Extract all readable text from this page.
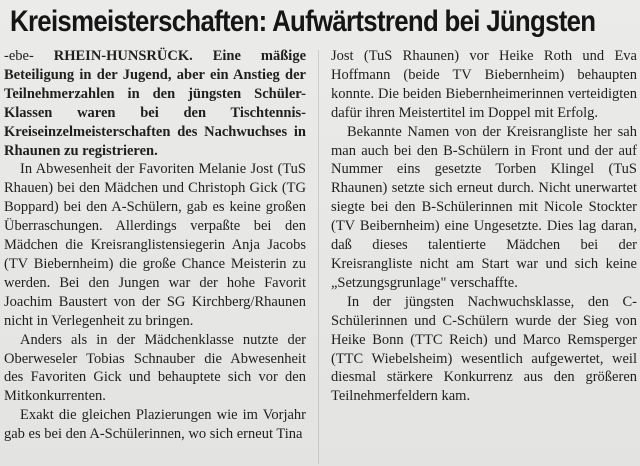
Kreismeisterschaften: Aufwärtstrend bei Jüngsten

-ebe- RHEIN-HUNSRÜCK. Eine mäßige Beteiligung in der Jugend, aber ein Anstieg der Teilnehmerzahlen in den jüngsten Schüler-Klassen waren bei den Tischtennis-Kreiseinzelmeisterschaften des Nachwuchses in Rhaunen zu registrieren.

In Abwesenheit der Favoriten Melanie Jost (TuS Rhauen) bei den Mädchen und Christoph Gick (TG Boppard) bei den A-Schülern, gab es keine großen Überraschungen. Allerdings verpaßte bei den Mädchen die Kreisranglistensiegerin Anja Jacobs (TV Biebernheim) die große Chance Meisterin zu werden. Bei den Jungen war der hohe Favorit Joachim Baustert von der SG Kirchberg/Rhaunen nicht in Verlegenheit zu bringen.

Anders als in der Mädchenklasse nutzte der Oberweseler Tobias Schnauber die Abwesenheit des Favoriten Gick und behauptete sich vor den Mitkonkurrenten.

Exakt die gleichen Plazierungen wie im Vorjahr gab es bei den A-Schülerinnen, wo sich erneut Tina

Jost (TuS Rhaunen) vor Heike Roth und Eva Hoffmann (beide TV Biebernheim) behaupten konnte. Die beiden Biebernheimerinnen verteidigten dafür ihren Meistertitel im Doppel mit Erfolg.

Bekannte Namen von der Kreisrangliste her sah man auch bei den B-Schülern in Front und der auf Nummer eins gesetzte Torben Klingel (TuS Rhaunen) setzte sich erneut durch. Nicht unerwartet siegte bei den B-Schülerinnen mit Nicole Stockter (TV Beibernheim) eine Ungesetzte. Dies lag daran, daß dieses talentierte Mädchen bei der Kreisrangliste nicht am Start war und sich keine „Setzungsgrunlage" verschaffte.

In der jüngsten Nachwuchsklasse, den C-Schülerinnen und C-Schülern wurde der Sieg von Heike Bonn (TTC Reich) und Marco Remsperger (TTC Wiebelsheim) wesentlich aufgewertet, weil diesmal stärkere Konkurrenz aus den größeren Teilnehmerfeldern kam.
